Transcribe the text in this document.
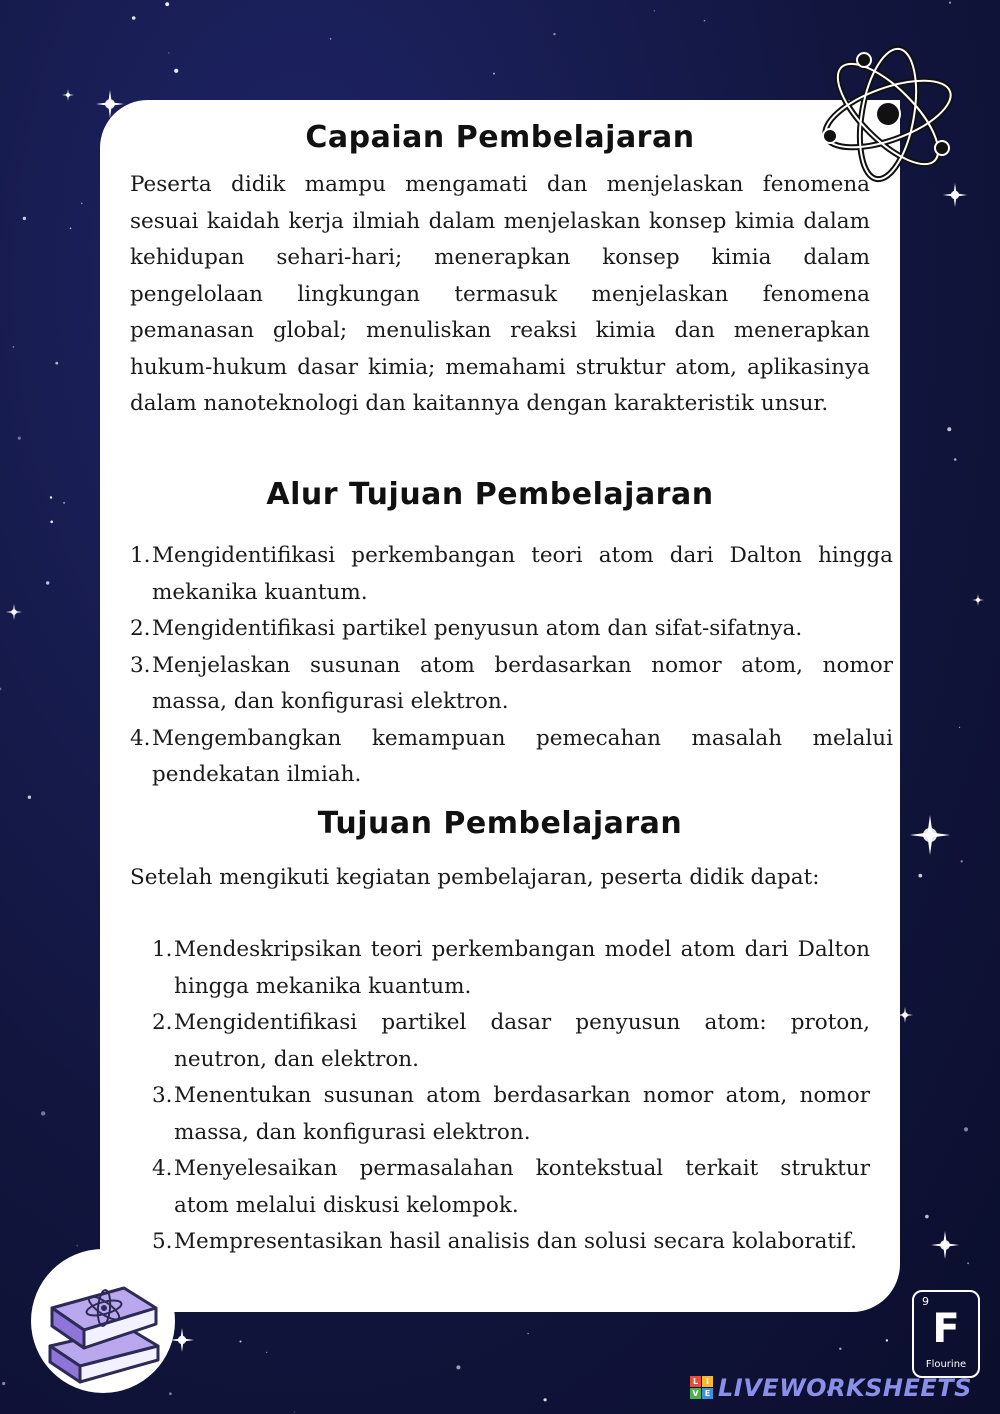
Capaian Pembelajaran

Peserta didik mampu mengamati dan menjelaskan fenomena sesuai kaidah kerja ilmiah dalam menjelaskan konsep kimia dalam kehidupan sehari-hari; menerapkan konsep kimia dalam pengelolaan lingkungan termasuk menjelaskan fenomena pemanasan global; menuliskan reaksi kimia dan menerapkan hukum-hukum dasar kimia; memahami struktur atom, aplikasinya dalam nanoteknologi dan kaitannya dengan karakteristik unsur.

Alur Tujuan Pembelajaran
1. Mengidentifikasi perkembangan teori atom dari Dalton hingga mekanika kuantum.
2. Mengidentifikasi partikel penyusun atom dan sifat-sifatnya.
3. Menjelaskan susunan atom berdasarkan nomor atom, nomor massa, dan konfigurasi elektron.
4. Mengembangkan kemampuan pemecahan masalah melalui pendekatan ilmiah.
Tujuan Pembelajaran

Setelah mengikuti kegiatan pembelajaran, peserta didik dapat:

1. Mendeskripsikan teori perkembangan model atom dari Dalton hingga mekanika kuantum.
2. Mengidentifikasi partikel dasar penyusun atom: proton, neutron, dan elektron.
3. Menentukan susunan atom berdasarkan nomor atom, nomor massa, dan konfigurasi elektron.
4. Menyelesaikan permasalahan kontekstual terkait struktur atom melalui diskusi kelompok.
5. Mempresentasikan hasil analisis dan solusi secara kolaboratif.
9
F
Flourine
L I
V E LIVEWORKSHEETS
